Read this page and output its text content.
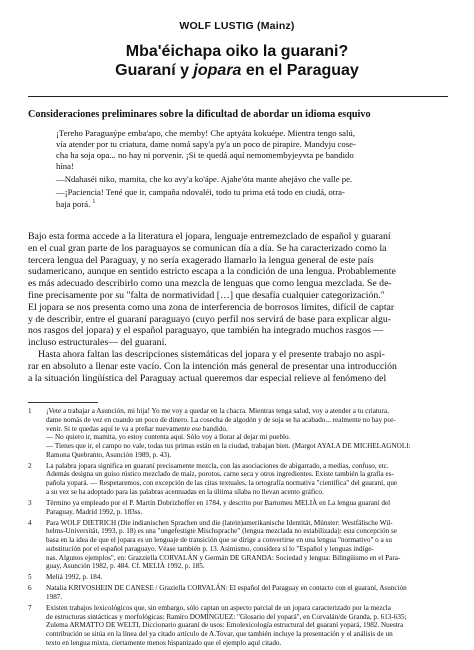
WOLF LUSTIG (Mainz)
Mba'éichapa oiko la guarani?
Guaraní y jopara en el Paraguay
Consideraciones preliminares sobre la dificultad de abordar un idioma esquivo

¡Tereho Paraguaýpe emba'apo, che memby! Che aptyáta kokuépe. Mientra tengo salú,
vía atender por tu criatura, dame nomá sapy'a py'a un poco de pirapire. Mandyju cose-
cha ha soja opa... no hay ni porvenir. ¡Si te quedá aquí nemomembyjeyvta pe bandido
hína!

—Ndahaséi niko, mamita, che ko avy'a ko'ápe. Ajahe'óta mante ahejávo che valle pe.

—¡Paciencia! Tené que ir, campaña ndovaléi, todo tu prima etá todo en ciudá, otra-
baja porá. $^1$

Bajo esta forma accede a la literatura el jopara, lenguaje entremezclado de español y guaraní
en el cual gran parte de los paraguayos se comunican día a día. Se ha caracterizado como la
tercera lengua del Paraguay, y no sería exagerado llamarlo la lengua general de este país
sudamericano, aunque en sentido estricto escapa a la condición de una lengua. Probablemente
es más adecuado describirlo como una mezcla de lenguas que como lengua mezclada. Se de-
fine precisamente por su "falta de normatividad […] que desafía cualquier categorización."
El jopara se nos presenta como una zona de interferencia de borrosos límites, difícil de captar
y de describir, entre el guaraní paraguayo (cuyo perfil nos servirá de base para explicar algu-
nos rasgos del jopara) y el español paraguayo, que también ha integrado muchos rasgos —
incluso estructurales— del guaraní.
Hasta ahora faltan las descripciones sistemáticas del jopara y el presente trabajo no aspi-
rar en absoluto a llenar este vacío. Con la intención más general de presentar una introducción
a la situación lingüística del Paraguay actual queremos dar especial relieve al fenómeno del
1 ¡Vete a trabajar a Asunción, mi hija! Yo me voy a quedar en la chacra. Mientras tenga salud, voy a atender a tu criatura,
dame nomás de vez en cuando un poco de dinero. La cosecha de algodón y de soja se ha acabado... realmente no hay por-
venir. Si te quedas aquí te va a preñar nuevamente ese bandido.
— No quiero ir, mamita, yo estoy contenta aquí. Sólo voy a llorar al dejar mi pueblo.
— Tienes que ir, el campo no vale, todas tus primas están en la ciudad, trabajan bien. (Margot AYALA DE MICHELAGNOLI:
Ramona Quebranto, Asunción 1989, p. 43).
2 La palabra jopara significa en guaraní precisamente mezcla, con las asociaciones de abigarrado, a medias, confuso, etc.
Además designa un guiso rústico mezclado de maíz, porotos, carne seca y otros ingredientes. Existe también la grafía es-
pañola yopará. — Respetaremos, con excepción de las citas textuales, la ortografía normativa "científica" del guaraní, que
a su vez se ha adoptado para las palabras acentuadas en la última sílaba no llevan acento gráfico.
3 Término ya empleado por el P. Martín Dobrizhoffer en 1784, y descrito por Bartomeu MELIÀ en La lengua guaraní del
Paraguay, Madrid 1992, p. 183ss.
4 Para WOLF DIETRICH (Die indianischen Sprachen und die (latein)amerikanische Identität, Münster: Westfälische Wil-
helms-Universität, 1993, p. 18) es una "ungefestigte Mischsprache" (lengua mezclada no estabilizada): esta concepción se
basa en la idea de que el jopara es un lenguaje de transición que se dirige a convertirse en una lengua "normativo" o a su
substitución por el español paraguayo. Véase también p. 13. Asimismo, considera sí lo "Español y lenguas indíge-
nas. Algunos ejemplos", en: Grazziella CORVALÁN y Germán DE GRANDA: Sociedad y lengua: Bilingüismo en el Para-
guay, Asunción 1982, p. 484. Cf. MELIÀ 1992, p. 185.
5 Meliá 1992, p. 184.
6 Natalia KRIVOSHEIN DE CANESE / Graziella CORVALÁN: El español del Paraguay en contacto con el guaraní, Asunción
1987.
7 Existen trabajos lexicológicos que, sin embargo, sólo captan un aspecto parcial de un jopara caracterizado por la mezcla
de estructuras sintácticas y morfológicas: Ramiro DOMÍNGUEZ: "Glosario del yopará", en Corvalán/de Granda, p. 613-635;
Zulema ARMATTO DE WELTI, Diccionario guaraní de usos: Emolexicología estructural del guaraní yopará, 1982. Nuestra
contribución se sitúa en la línea del ya citado artículo de A.Tovar, que también incluye la presentación y el análisis de un
texto en lengua mixta, ciertamente menos hispanizado que el ejemplo aquí citado.
